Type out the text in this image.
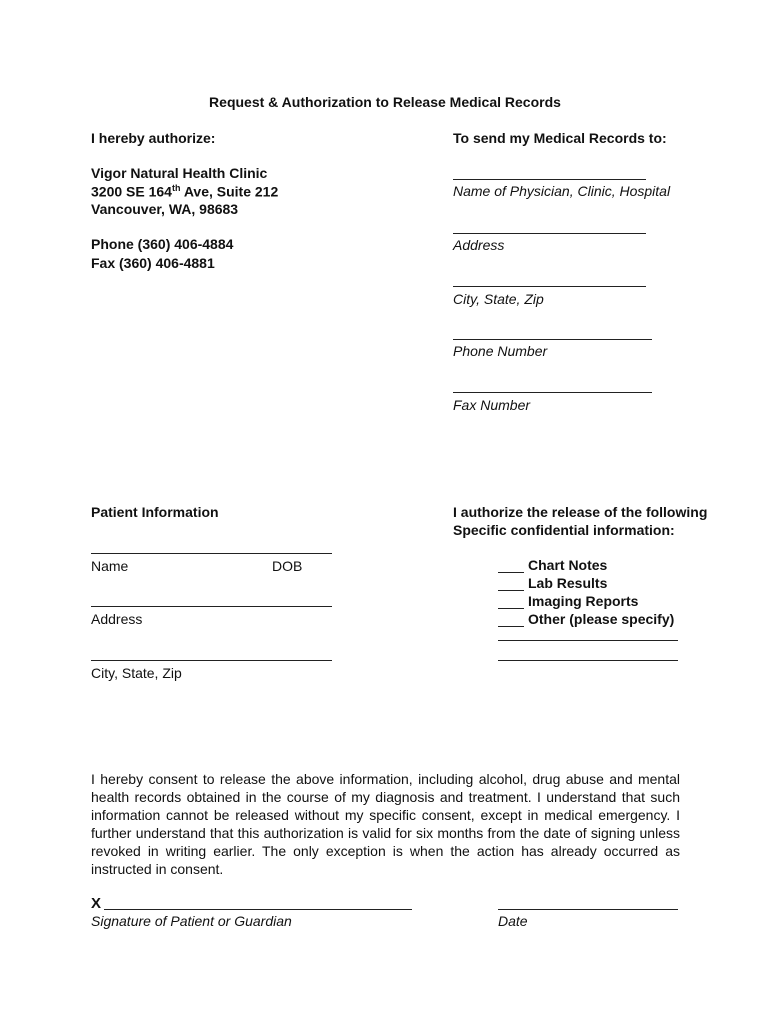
Request & Authorization to Release Medical Records
I hereby authorize:
Vigor Natural Health Clinic
3200 SE 164th Ave, Suite 212
Vancouver, WA, 98683
Phone (360) 406-4884
Fax (360) 406-4881
To send my Medical Records to:
Name of Physician, Clinic, Hospital
Address
City, State, Zip
Phone Number
Fax Number
Patient Information
Name	DOB
Address
City, State, Zip
I authorize the release of the following
Specific confidential information:
Chart Notes
Lab Results
Imaging Reports
Other (please specify)
I hereby consent to release the above information, including alcohol, drug abuse and mental health records obtained in the course of my diagnosis and treatment. I understand that such information cannot be released without my specific consent, except in medical emergency. I further understand that this authorization is valid for six months from the date of signing unless revoked in writing earlier. The only exception is when the action has already occurred as instructed in consent.
X
Signature of Patient or Guardian	Date
